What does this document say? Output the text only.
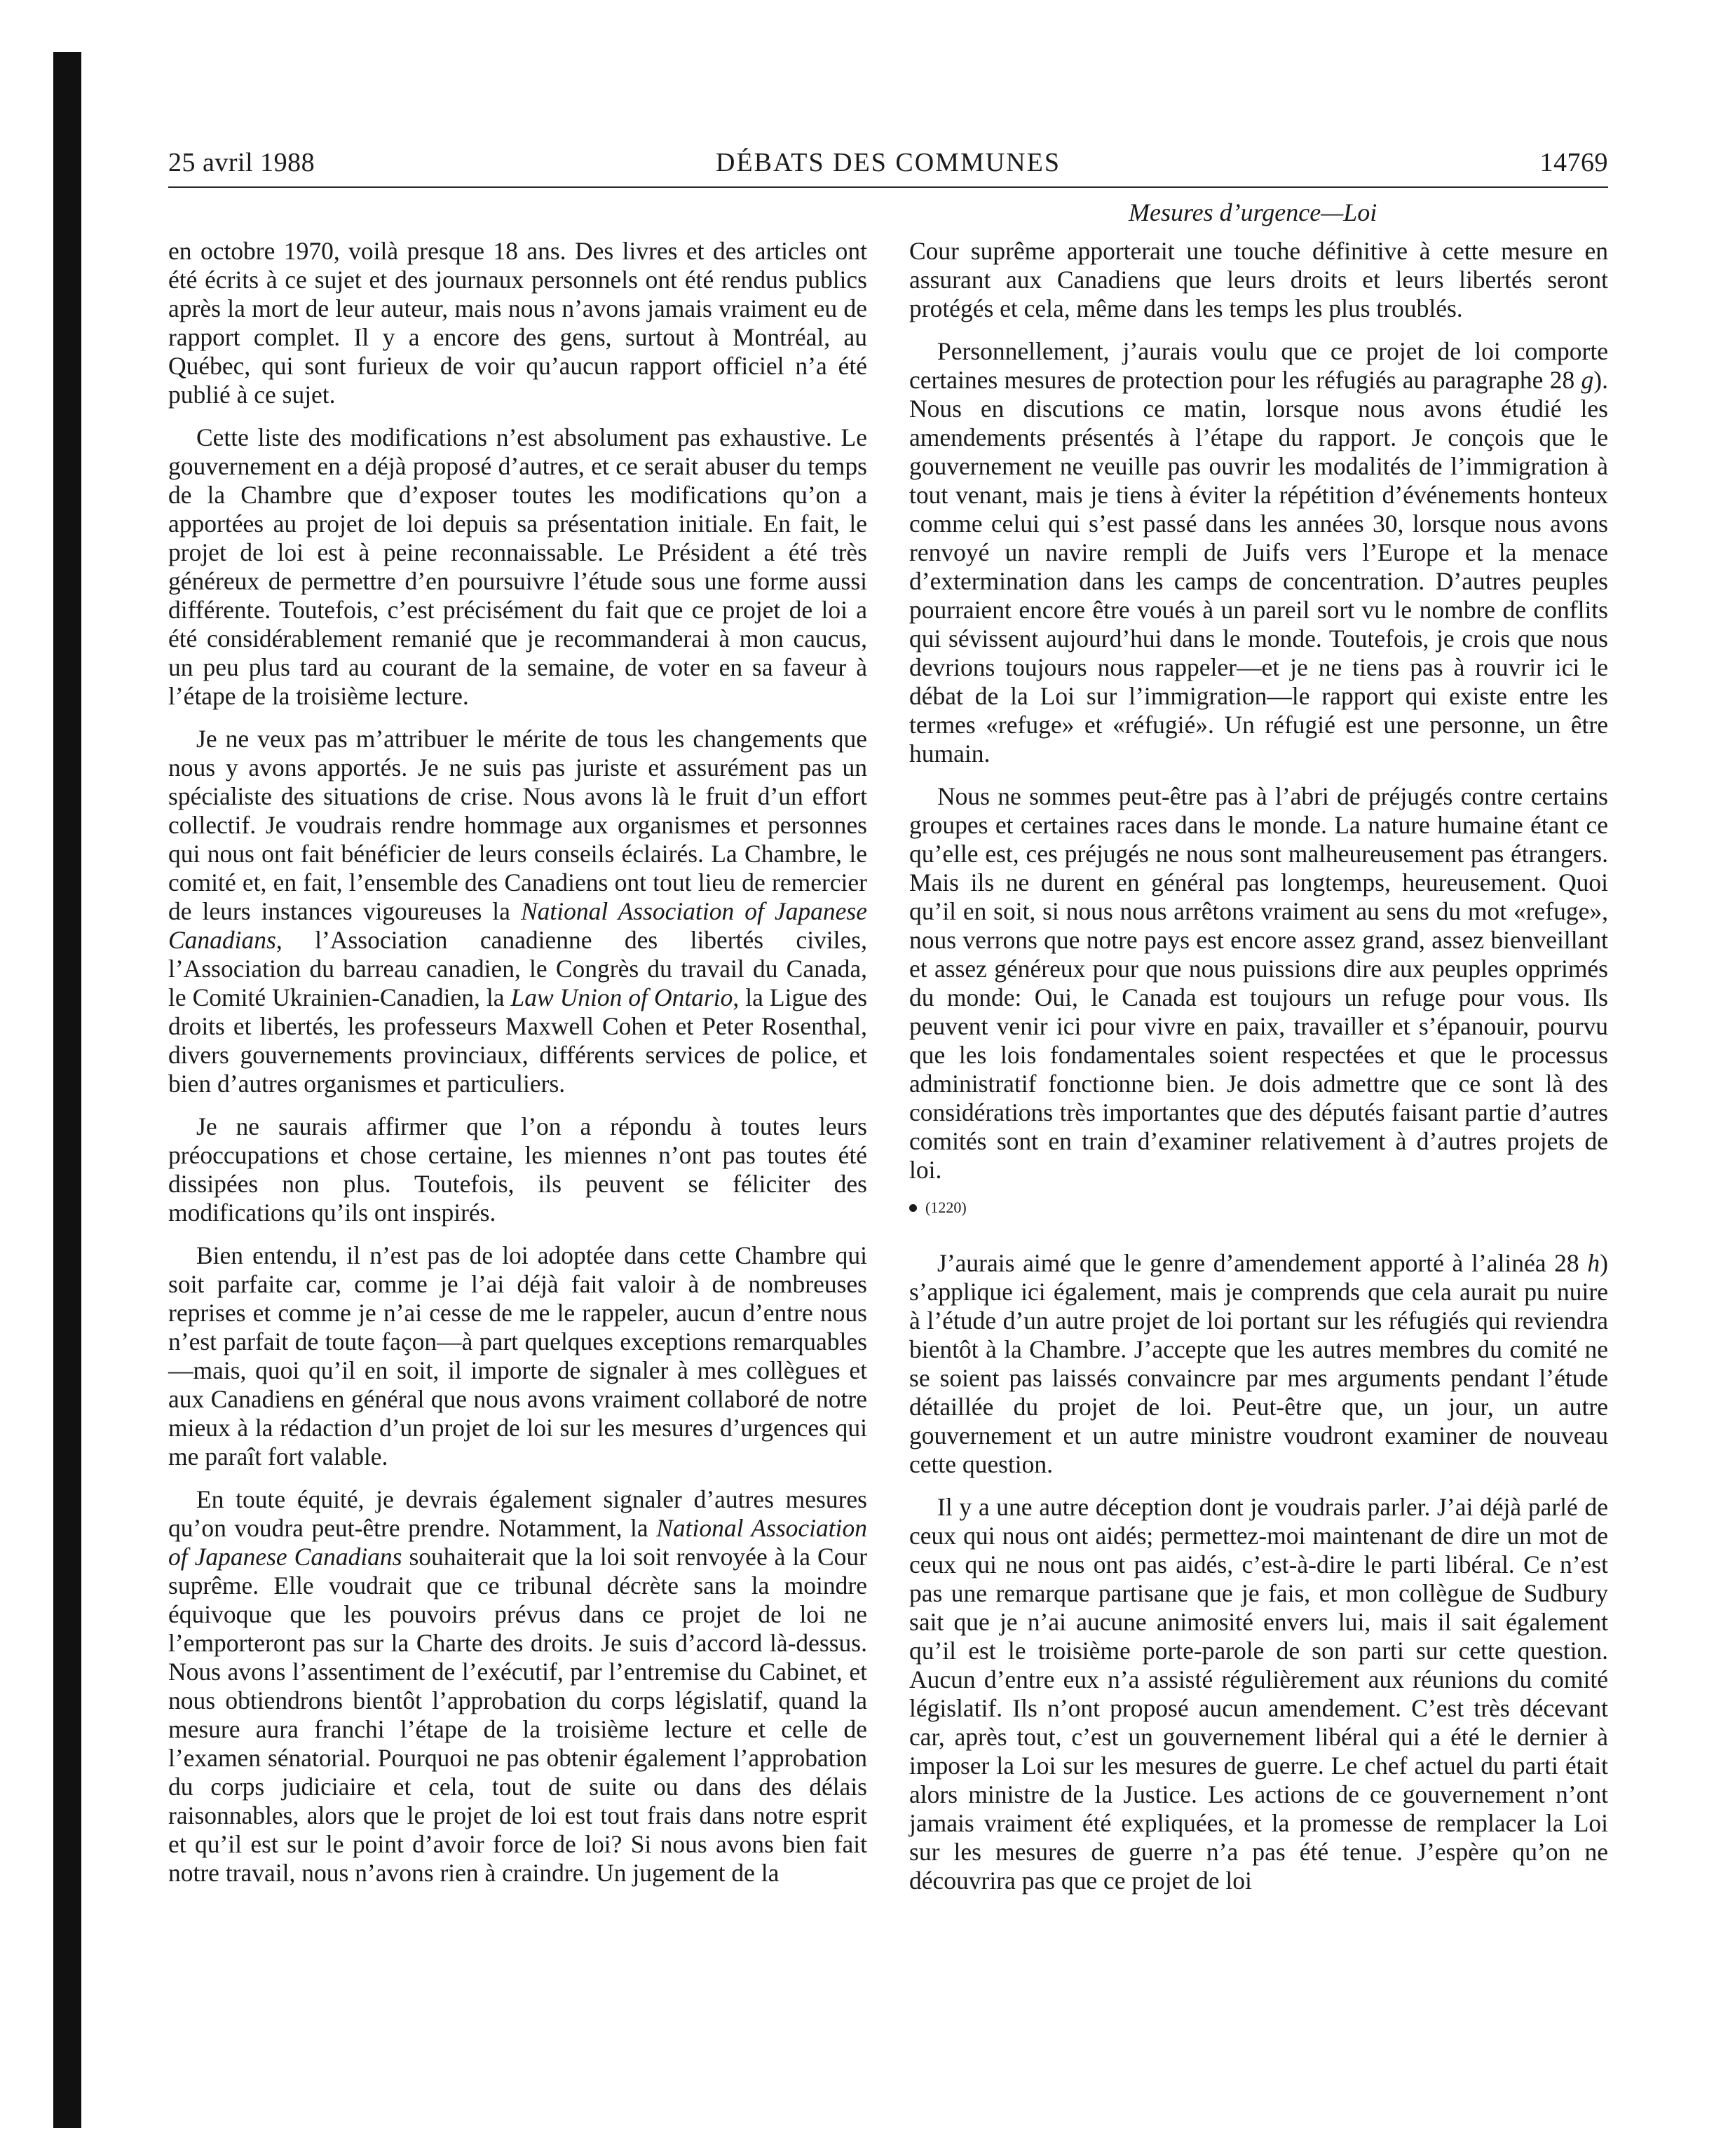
25 avril 1988	DÉBATS DES COMMUNES	14769
Mesures d’urgence—Loi

en octobre 1970, voilà presque 18 ans. Des livres et des articles ont été écrits à ce sujet et des journaux personnels ont été rendus publics après la mort de leur auteur, mais nous n’avons jamais vraiment eu de rapport complet. Il y a encore des gens, surtout à Montréal, au Québec, qui sont furieux de voir qu’aucun rapport officiel n’a été publié à ce sujet.

Cette liste des modifications n’est absolument pas exhaustive. Le gouvernement en a déjà proposé d’autres, et ce serait abuser du temps de la Chambre que d’exposer toutes les modifications qu’on a apportées au projet de loi depuis sa présentation initiale. En fait, le projet de loi est à peine reconnaissable. Le Président a été très généreux de permettre d’en poursuivre l’étude sous une forme aussi différente. Toutefois, c’est précisément du fait que ce projet de loi a été considérablement remanié que je recommanderai à mon caucus, un peu plus tard au courant de la semaine, de voter en sa faveur à l’étape de la troisième lecture.

Je ne veux pas m’attribuer le mérite de tous les changements que nous y avons apportés. Je ne suis pas juriste et assurément pas un spécialiste des situations de crise. Nous avons là le fruit d’un effort collectif. Je voudrais rendre hommage aux organismes et personnes qui nous ont fait bénéficier de leurs conseils éclairés. La Chambre, le comité et, en fait, l’ensemble des Canadiens ont tout lieu de remercier de leurs instances vigoureuses la National Association of Japanese Canadians, l’Association canadienne des libertés civiles, l’Association du barreau canadien, le Congrès du travail du Canada, le Comité Ukrainien-Canadien, la Law Union of Ontario, la Ligue des droits et libertés, les professeurs Maxwell Cohen et Peter Rosenthal, divers gouvernements provinciaux, différents services de police, et bien d’autres organismes et particuliers.

Je ne saurais affirmer que l’on a répondu à toutes leurs préoccupations et chose certaine, les miennes n’ont pas toutes été dissipées non plus. Toutefois, ils peuvent se féliciter des modifications qu’ils ont inspirés.

Bien entendu, il n’est pas de loi adoptée dans cette Chambre qui soit parfaite car, comme je l’ai déjà fait valoir à de nombreuses reprises et comme je n’ai cesse de me le rappeler, aucun d’entre nous n’est parfait de toute façon—à part quelques exceptions remarquables—mais, quoi qu’il en soit, il importe de signaler à mes collègues et aux Canadiens en général que nous avons vraiment collaboré de notre mieux à la rédaction d’un projet de loi sur les mesures d’urgences qui me paraît fort valable.

En toute équité, je devrais également signaler d’autres mesures qu’on voudra peut-être prendre. Notamment, la National Association of Japanese Canadians souhaiterait que la loi soit renvoyée à la Cour suprême. Elle voudrait que ce tribunal décrète sans la moindre équivoque que les pouvoirs prévus dans ce projet de loi ne l’emporteront pas sur la Charte des droits. Je suis d’accord là-dessus. Nous avons l’assentiment de l’exécutif, par l’entremise du Cabinet, et nous obtiendrons bientôt l’approbation du corps législatif, quand la mesure aura franchi l’étape de la troisième lecture et celle de l’examen sénatorial. Pourquoi ne pas obtenir également l’approbation du corps judiciaire et cela, tout de suite ou dans des délais raisonnables, alors que le projet de loi est tout frais dans notre esprit et qu’il est sur le point d’avoir force de loi? Si nous avons bien fait notre travail, nous n’avons rien à craindre. Un jugement de la

Cour suprême apporterait une touche définitive à cette mesure en assurant aux Canadiens que leurs droits et leurs libertés seront protégés et cela, même dans les temps les plus troublés.

Personnellement, j’aurais voulu que ce projet de loi comporte certaines mesures de protection pour les réfugiés au paragraphe 28 g). Nous en discutions ce matin, lorsque nous avons étudié les amendements présentés à l’étape du rapport. Je conçois que le gouvernement ne veuille pas ouvrir les modalités de l’immigration à tout venant, mais je tiens à éviter la répétition d’événements honteux comme celui qui s’est passé dans les années 30, lorsque nous avons renvoyé un navire rempli de Juifs vers l’Europe et la menace d’extermination dans les camps de concentration. D’autres peuples pourraient encore être voués à un pareil sort vu le nombre de conflits qui sévissent aujourd’hui dans le monde. Toutefois, je crois que nous devrions toujours nous rappeler—et je ne tiens pas à rouvrir ici le débat de la Loi sur l’immigration—le rapport qui existe entre les termes «refuge» et «réfugié». Un réfugié est une personne, un être humain.

Nous ne sommes peut-être pas à l’abri de préjugés contre certains groupes et certaines races dans le monde. La nature humaine étant ce qu’elle est, ces préjugés ne nous sont malheureusement pas étrangers. Mais ils ne durent en général pas longtemps, heureusement. Quoi qu’il en soit, si nous nous arrêtons vraiment au sens du mot «refuge», nous verrons que notre pays est encore assez grand, assez bienveillant et assez généreux pour que nous puissions dire aux peuples opprimés du monde: Oui, le Canada est toujours un refuge pour vous. Ils peuvent venir ici pour vivre en paix, travailler et s’épanouir, pourvu que les lois fondamentales soient respectées et que le processus administratif fonctionne bien. Je dois admettre que ce sont là des considérations très importantes que des députés faisant partie d’autres comités sont en train d’examiner relativement à d’autres projets de loi.

(1220)

J’aurais aimé que le genre d’amendement apporté à l’alinéa 28 h) s’applique ici également, mais je comprends que cela aurait pu nuire à l’étude d’un autre projet de loi portant sur les réfugiés qui reviendra bientôt à la Chambre. J’accepte que les autres membres du comité ne se soient pas laissés convaincre par mes arguments pendant l’étude détaillée du projet de loi. Peut-être que, un jour, un autre gouvernement et un autre ministre voudront examiner de nouveau cette question.

Il y a une autre déception dont je voudrais parler. J’ai déjà parlé de ceux qui nous ont aidés; permettez-moi maintenant de dire un mot de ceux qui ne nous ont pas aidés, c’est-à-dire le parti libéral. Ce n’est pas une remarque partisane que je fais, et mon collègue de Sudbury sait que je n’ai aucune animosité envers lui, mais il sait également qu’il est le troisième porte-parole de son parti sur cette question. Aucun d’entre eux n’a assisté régulièrement aux réunions du comité législatif. Ils n’ont proposé aucun amendement. C’est très décevant car, après tout, c’est un gouvernement libéral qui a été le dernier à imposer la Loi sur les mesures de guerre. Le chef actuel du parti était alors ministre de la Justice. Les actions de ce gouvernement n’ont jamais vraiment été expliquées, et la promesse de remplacer la Loi sur les mesures de guerre n’a pas été tenue. J’espère qu’on ne découvrira pas que ce projet de loi
